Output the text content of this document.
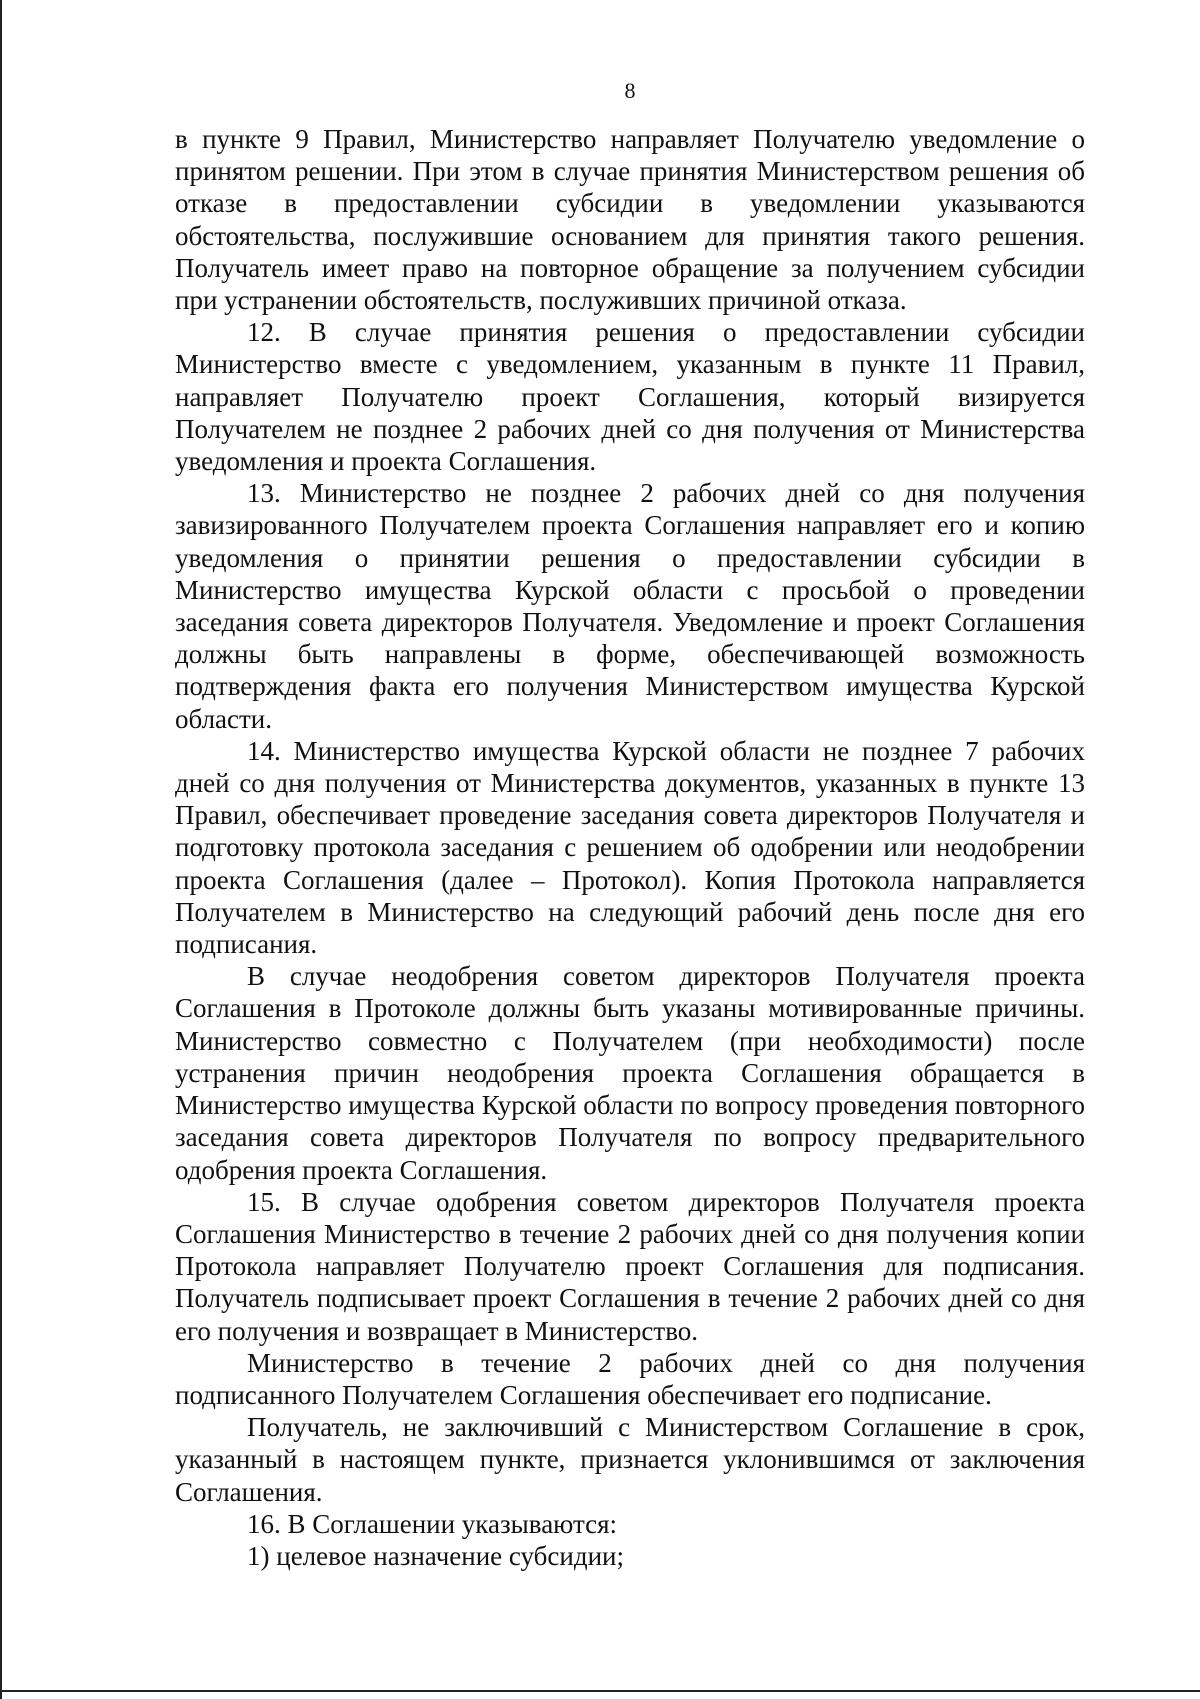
8

в пункте 9 Правил, Министерство направляет Получателю уведомление о принятом решении. При этом в случае принятия Министерством решения об отказе в предоставлении субсидии в уведомлении указываются обстоятельства, послужившие основанием для принятия такого решения. Получатель имеет право на повторное обращение за получением субсидии при устранении обстоятельств, послуживших причиной отказа.

12. В случае принятия решения о предоставлении субсидии Министерство вместе с уведомлением, указанным в пункте 11 Правил, направляет Получателю проект Соглашения, который визируется Получателем не позднее 2 рабочих дней со дня получения от Министерства уведомления и проекта Соглашения.

13. Министерство не позднее 2 рабочих дней со дня получения завизированного Получателем проекта Соглашения направляет его и копию уведомления о принятии решения о предоставлении субсидии в Министерство имущества Курской области с просьбой о проведении заседания совета директоров Получателя. Уведомление и проект Соглашения должны быть направлены в форме, обеспечивающей возможность подтверждения факта его получения Министерством имущества Курской области.

14. Министерство имущества Курской области не позднее 7 рабочих дней со дня получения от Министерства документов, указанных в пункте 13 Правил, обеспечивает проведение заседания совета директоров Получателя и подготовку протокола заседания с решением об одобрении или неодобрении проекта Соглашения (далее – Протокол). Копия Протокола направляется Получателем в Министерство на следующий рабочий день после дня его подписания.

В случае неодобрения советом директоров Получателя проекта Соглашения в Протоколе должны быть указаны мотивированные причины. Министерство совместно с Получателем (при необходимости) после устранения причин неодобрения проекта Соглашения обращается в Министерство имущества Курской области по вопросу проведения повторного заседания совета директоров Получателя по вопросу предварительного одобрения проекта Соглашения.

15. В случае одобрения советом директоров Получателя проекта Соглашения Министерство в течение 2 рабочих дней со дня получения копии Протокола направляет Получателю проект Соглашения для подписания. Получатель подписывает проект Соглашения в течение 2 рабочих дней со дня его получения и возвращает в Министерство.

Министерство в течение 2 рабочих дней со дня получения подписанного Получателем Соглашения обеспечивает его подписание.

Получатель, не заключивший с Министерством Соглашение в срок, указанный в настоящем пункте, признается уклонившимся от заключения Соглашения.

16. В Соглашении указываются:

1) целевое назначение субсидии;
